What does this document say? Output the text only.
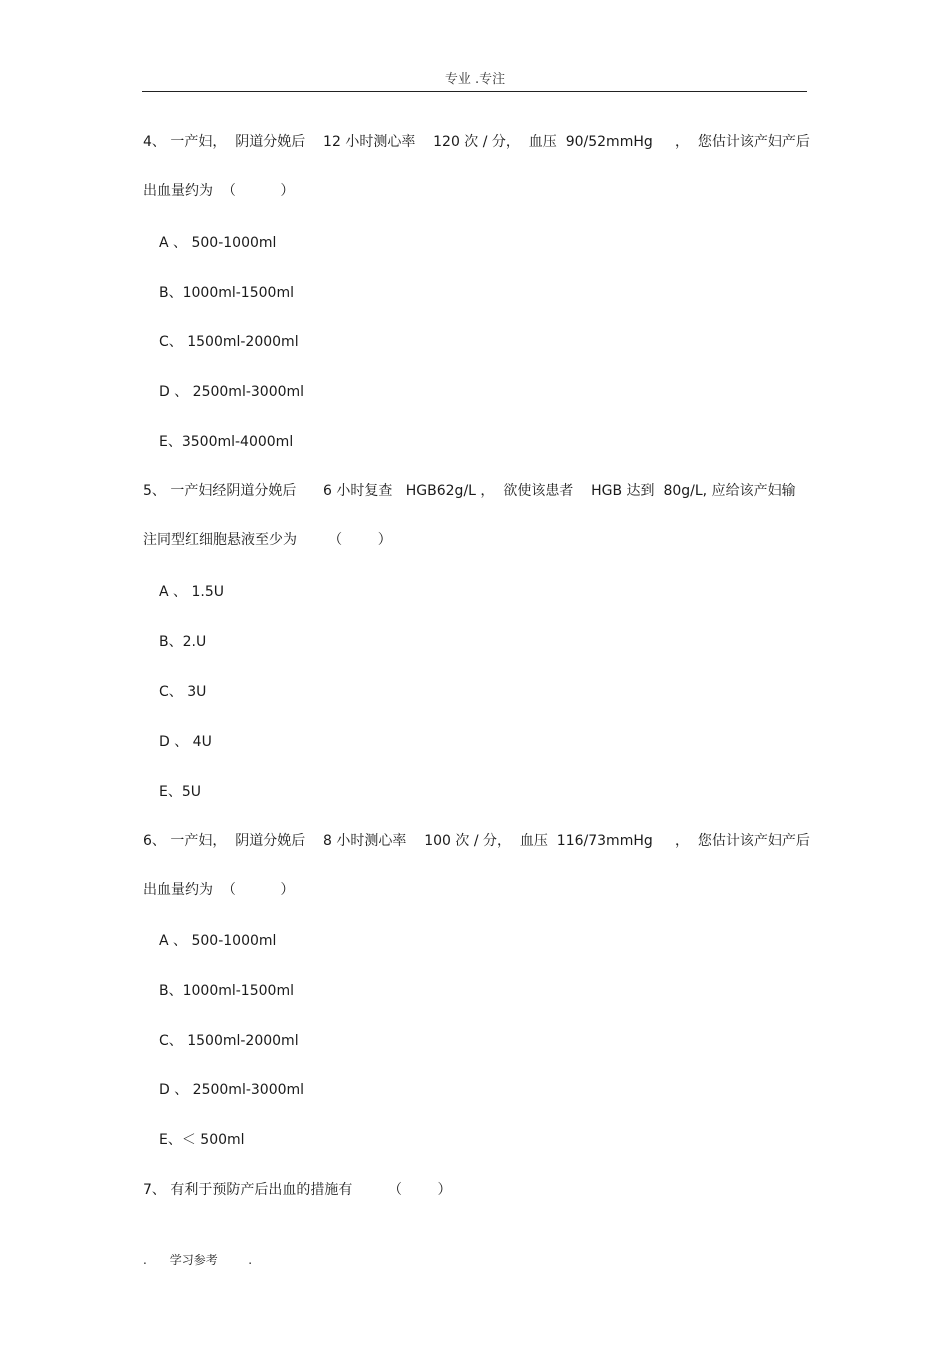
专业 .专注
4、 一产妇，  阴道分娩后    12 小时测心率    120 次 / 分，  血压  90/52mmHg     ，  您估计该产妇产后
出血量约为  （          ）
A 、 500-1000ml
B、1000ml-1500ml
C、 1500ml-2000ml
D 、 2500ml-3000ml
E、3500ml-4000ml
5、 一产妇经阴道分娩后      6 小时复查   HGB62g/L ，  欲使该患者    HGB 达到  80g/L, 应给该产妇输
注同型红细胞悬液至少为       （        ）
A 、 1.5U
B、2.U
C、 3U
D 、 4U
E、5U
6、 一产妇，  阴道分娩后    8 小时测心率    100 次 / 分，  血压  116/73mmHg     ，  您估计该产妇产后
出血量约为  （          ）
A 、 500-1000ml
B、1000ml-1500ml
C、 1500ml-2000ml
D 、 2500ml-3000ml
E、＜ 500ml
7、 有利于预防产后出血的措施有        （        ）
.      学习参考        .
